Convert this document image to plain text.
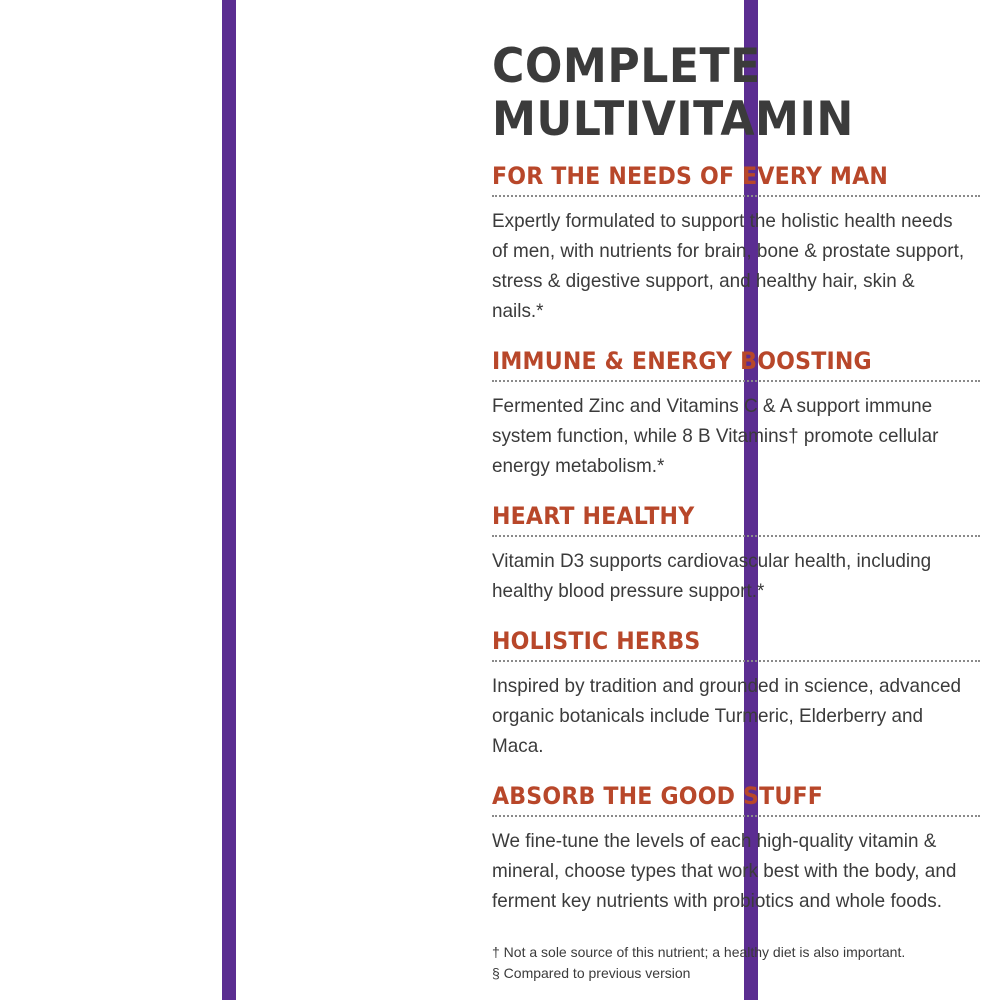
COMPLETE MULTIVITAMIN
FOR THE NEEDS OF EVERY MAN

Expertly formulated to support the holistic health needs of men, with nutrients for brain, bone & prostate support, stress & digestive support, and healthy hair, skin & nails.*

IMMUNE & ENERGY BOOSTING

Fermented Zinc and Vitamins C & A support immune system function, while 8 B Vitamins† promote cellular energy metabolism.*

HEART HEALTHY

Vitamin D3 supports cardiovascular health, including healthy blood pressure support.*

HOLISTIC HERBS

Inspired by tradition and grounded in science, advanced organic botanicals include Turmeric, Elderberry and Maca.

ABSORB THE GOOD STUFF

We fine-tune the levels of each high-quality vitamin & mineral, choose types that work best with the body, and ferment key nutrients with probiotics and whole foods.

† Not a sole source of this nutrient; a healthy diet is also important.

§ Compared to previous version
